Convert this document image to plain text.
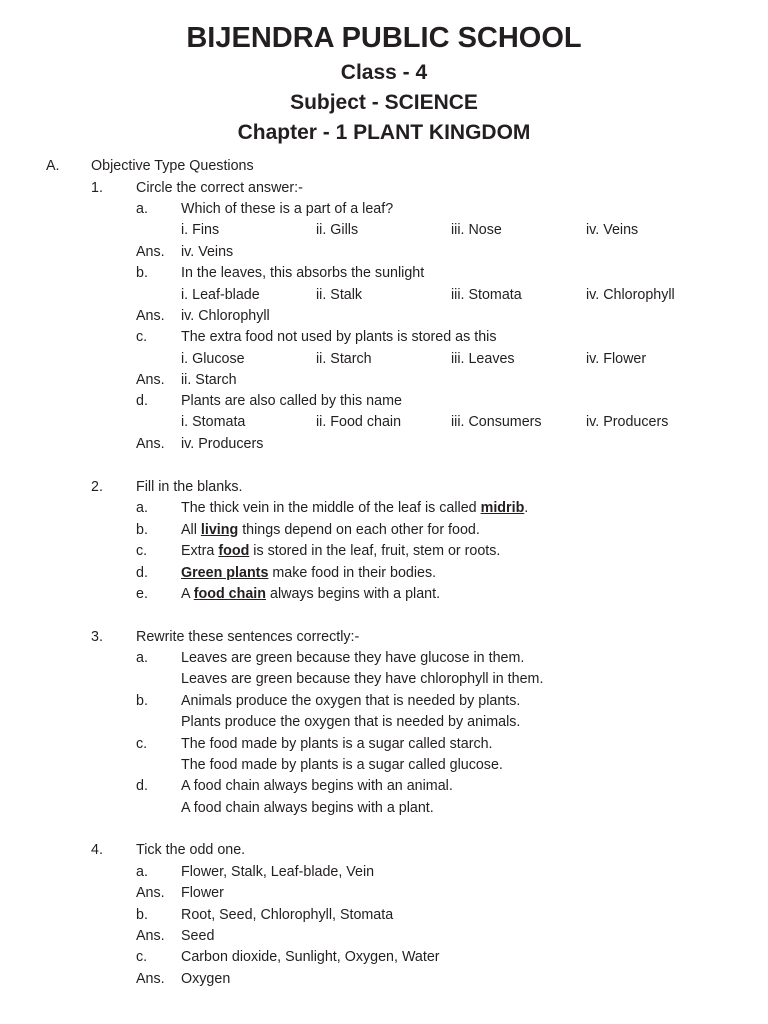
BIJENDRA PUBLIC SCHOOL
Class - 4
Subject - SCIENCE
Chapter - 1 PLANT KINGDOM
A. Objective Type Questions
1. Circle the correct answer:-
a. Which of these is a part of a leaf?
i. Fins	ii. Gills	iii. Nose	iv. Veins
Ans. iv. Veins
b. In the leaves, this absorbs the sunlight
i. Leaf-blade	ii. Stalk	iii. Stomata	iv. Chlorophyll
Ans. iv. Chlorophyll
c. The extra food not used by plants is stored as this
i. Glucose	ii. Starch	iii. Leaves	iv. Flower
Ans. ii. Starch
d. Plants are also called by this name
i. Stomata	ii. Food chain	iii. Consumers	iv. Producers
Ans. iv. Producers
2. Fill in the blanks.
a. The thick vein in the middle of the leaf is called midrib.
b. All living things depend on each other for food.
c. Extra food is stored in the leaf, fruit, stem or roots.
d. Green plants make food in their bodies.
e. A food chain always begins with a plant.
3. Rewrite these sentences correctly:-
a. Leaves are green because they have glucose in them.
Leaves are green because they have chlorophyll in them.
b. Animals produce the oxygen that is needed by plants.
Plants produce the oxygen that is needed by animals.
c. The food made by plants is a sugar called starch.
The food made by plants is a sugar called glucose.
d. A food chain always begins with an animal.
A food chain always begins with a plant.
4. Tick the odd one.
a. Flower, Stalk, Leaf-blade, Vein
Ans. Flower
b. Root, Seed, Chlorophyll, Stomata
Ans. Seed
c. Carbon dioxide, Sunlight, Oxygen, Water
Ans. Oxygen
